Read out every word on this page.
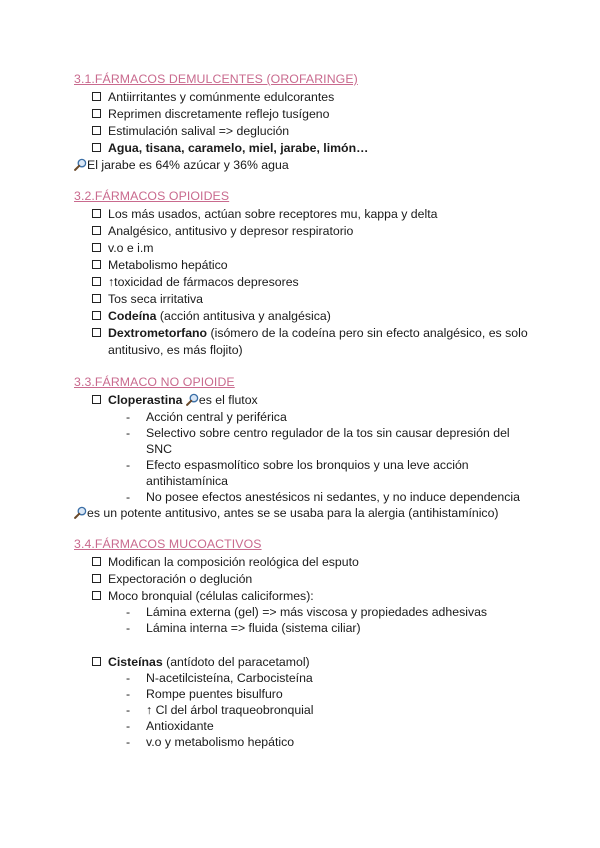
3.1.FÁRMACOS DEMULCENTES (OROFARINGE)
Antiirritantes y comúnmente edulcorantes
Reprimen discretamente reflejo tusígeno
Estimulación salival => deglución
Agua, tisana, caramelo, miel, jarabe, limón…
El jarabe es 64% azúcar y 36% agua
3.2.FÁRMACOS OPIOIDES
Los más usados, actúan sobre receptores mu, kappa y delta
Analgésico, antitusivo y depresor respiratorio
v.o e i.m
Metabolismo hepático
↑toxicidad de fármacos depresores
Tos seca irritativa
Codeína (acción antitusiva y analgésica)
Dextrometorfano (isómero de la codeína pero sin efecto analgésico, es solo
antitusivo, es más flojito)
3.3.FÁRMACO NO OPIOIDE
Cloperastina es el flutox
- Acción central y periférica
- Selectivo sobre centro regulador de la tos sin causar depresión del
SNC
- Efecto espasmolítico sobre los bronquios y una leve acción
antihistamínica
- No posee efectos anestésicos ni sedantes, y no induce dependencia
es un potente antitusivo, antes se se usaba para la alergia (antihistamínico)
3.4.FÁRMACOS MUCOACTIVOS
Modifican la composición reológica del esputo
Expectoración o deglución
Moco bronquial (células caliciformes):
- Lámina externa (gel) => más viscosa y propiedades adhesivas
- Lámina interna => fluida (sistema ciliar)
Cisteínas (antídoto del paracetamol)
- N-acetilcisteína, Carbocisteína
- Rompe puentes bisulfuro
- ↑ Cl del árbol traqueobronquial
- Antioxidante
- v.o y metabolismo hepático
